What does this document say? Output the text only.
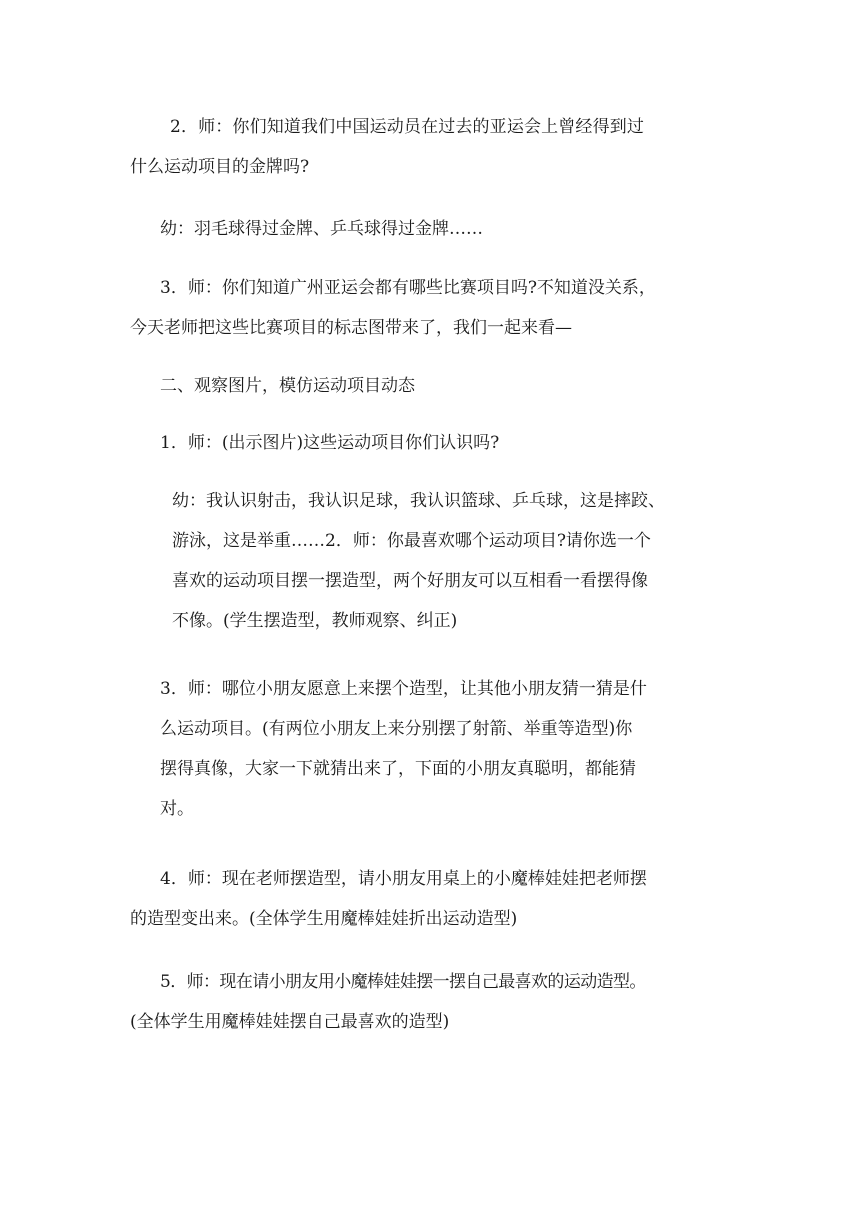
2．师：你们知道我们中国运动员在过去的亚运会上曾经得到过
什么运动项目的金牌吗?
幼：羽毛球得过金牌、乒乓球得过金牌……
3．师：你们知道广州亚运会都有哪些比赛项目吗?不知道没关系，
今天老师把这些比赛项目的标志图带来了，我们一起来看—
二、观察图片，模仿运动项目动态
1．师：(出示图片)这些运动项目你们认识吗?
幼：我认识射击，我认识足球，我认识篮球、乒乓球，这是摔跤、
游泳，这是举重……2．师：你最喜欢哪个运动项目?请你选一个
喜欢的运动项目摆一摆造型，两个好朋友可以互相看一看摆得像
不像。(学生摆造型，教师观察、纠正)
3．师：哪位小朋友愿意上来摆个造型，让其他小朋友猜一猜是什
么运动项目。(有两位小朋友上来分别摆了射箭、举重等造型)你
摆得真像，大家一下就猜出来了，下面的小朋友真聪明，都能猜
对。
4．师：现在老师摆造型，请小朋友用桌上的小魔棒娃娃把老师摆
的造型变出来。(全体学生用魔棒娃娃折出运动造型)
5．师：现在请小朋友用小魔棒娃娃摆一摆自己最喜欢的运动造型。
(全体学生用魔棒娃娃摆自己最喜欢的造型)
